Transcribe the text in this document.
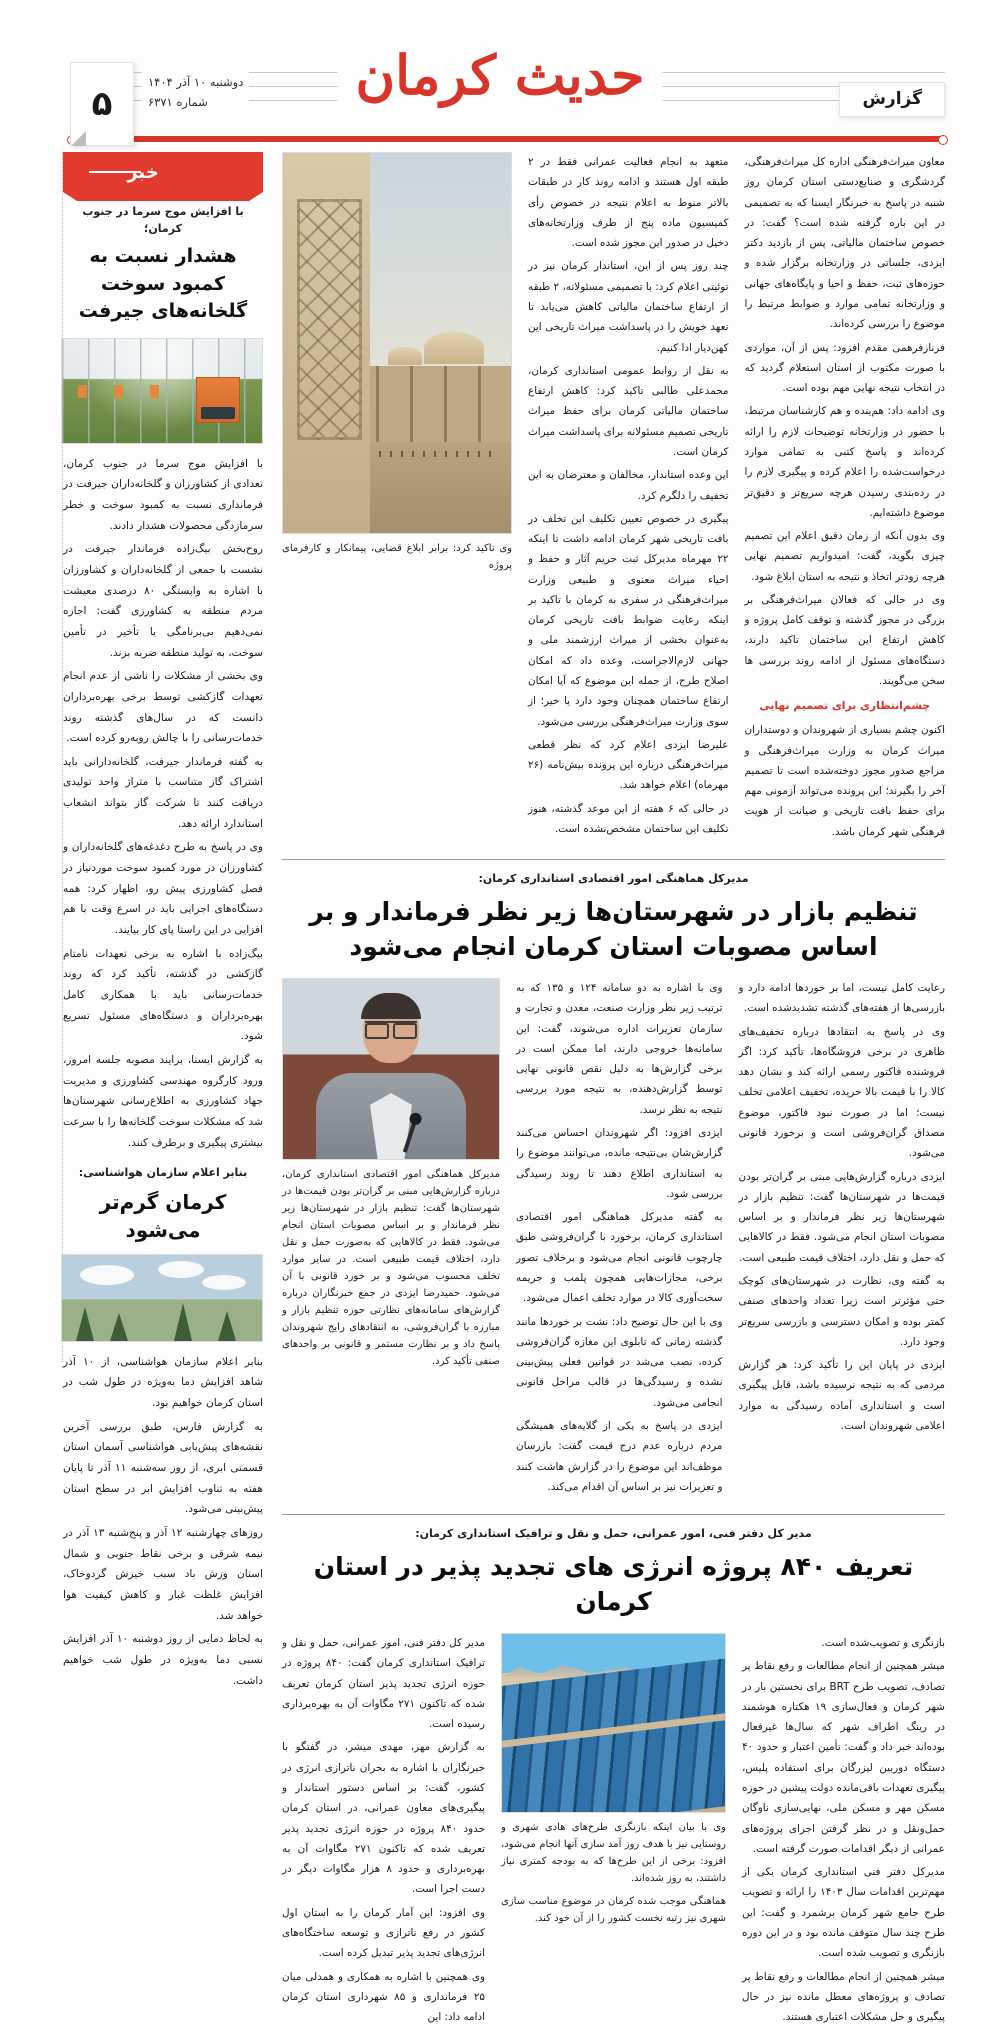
۵
دوشنبه ۱۰ آذر ۱۴۰۴
شماره ۶۳۷۱	حدیث کرمان	گزارش
خبر
با افزایش موج سرما در جنوب کرمان؛
هشدار نسبت به کمبود سوخت گلخانه‌های جیرفت

با افزایش موج سرما در جنوب کرمان، تعدادی از کشاورزان و گلخانه‌داران جیرفت در فرمانداری نسبت به کمبود سوخت و خطر سرمازدگی محصولات هشدار دادند.

روح‌بخش بیگ‌زاده فرماندار جیرفت در نشست با جمعی از گلخانه‌داران و کشاورزان با اشاره به وابستگی ۸۰ درصدی معیشت مردم منطقه به کشاورزی گفت: اجازه نمی‌دهیم بی‌برنامگی یا تأخیر در تأمین سوخت، به تولید منطقه ضربه بزند.

وی بخشی از مشکلات را ناشی از عدم انجام تعهدات گازکشی توسط برخی بهره‌برداران دانست که در سال‌های گذشته روند خدمات‌رسانی را با چالش روبه‌رو کرده است.

به گفته فرماندار جیرفت، گلخانه‌دارانی باید اشتراک گاز متناسب با متراژ واحد تولیدی دریافت کنند تا شرکت گاز بتواند انشعاب استاندارد ارائه دهد.

وی در پاسخ به طرح دغدغه‌های گلخانه‌داران و کشاورزان در مورد کمبود سوخت موردنیاز در فصل کشاورزی پیش رو، اظهار کرد: همه دستگاه‌های اجرایی باید در اسرع وقت با هم افزایی در این راستا پای کار بیایند.

بیگ‌زاده با اشاره به برخی تعهدات نامتام گازکشی در گذشته، تأکید کرد که روند خدمات‌رسانی باید با همکاری کامل بهره‌برداران و دستگاه‌های مسئول تسریع شود.

به گزارش ایسنا، برایند مصوبه جلسه امروز، ورود کارگروه مهندسی کشاورزی و مدیریت جهاد کشاورزی به اطلاع‌رسانی شهرستان‌ها شد که مشکلات سوخت گلخانه‌ها را با سرعت بیشتری پیگیری و برطرف کنند.

بنابر اعلام سازمان هواشناسی:
کرمان گرم‌تر می‌شود

بنابر اعلام سازمان هواشناسی، از ۱۰ آذر شاهد افزایش دما به‌ویژه در طول شب در استان کرمان خواهیم بود.

به گزارش فارس، طبق بررسی آخرین نقشه‌های پیش‌یابی هواشناسی آسمان استان قسمتی ابری، از روز سه‌شنبه ۱۱ آذر تا پایان هفته به تناوب افزایش ابر در سطح استان پیش‌بینی می‌شود.

روزهای چهارشنبه ۱۲ آذر و پنج‌شنبه ۱۳ آذر در نیمه شرقی و برخی نقاط جنوبی و شمال استان وزش باد سبب خیزش گردوخاک، افزایش غلظت غبار و کاهش کیفیت هوا خواهد شد.

به لحاظ دمایی از روز دوشنبه ۱۰ آذر افزایش نسبی دما به‌ویژه در طول شب خواهیم داشت.

معاون میراث‌فرهنگی اداره کل میراث‌فرهنگی، گردشگری و صنایع‌دستی استان کرمان روز شنبه در پاسخ به خبرنگار ایسنا که به تصمیمی در این باره گرفته شده است؟ گفت: در خصوص ساختمان مالیاتی، پس از بازدید دکتر ایزدی، جلساتی در وزارتخانه برگزار شده و حوزه‌های ثبت، حفظ و احیا و پایگاه‌های جهانی و وزارتخانه تمامی موارد و ضوابط مرتبط را موضوع را بررسی کرده‌اند.

فرنازفرهمی مقدم افزود: پس از آن، مواردی با صورت مکتوب از استان استعلام گردید که در انتخاب نتیجه نهایی مهم بوده است.

وی ادامه داد: هم‌ینده و هم کارشناسان مرتبط، با حضور در وزارتخانه توضیحات لازم را ارائه کرده‌اند و پاسخ کتبی به تمامی موارد درخواست‌شده را اعلام کرده و پیگیری لازم را در رده‌بندی رسیدن هرچه سریع‌تر و دقیق‌تر موضوع داشته‌ایم.

وی بدون آنکه از زمان دقیق اعلام این تصمیم چیزی بگوید، گفت: امیدواریم تصمیم نهایی هرچه زودتر اتخاذ و نتیجه به استان ابلاغ شود.

وی در حالی که فعالان میراث‌فرهنگی بر بزرگی در مجوز گذشته و توقف کامل پروژه و کاهش ارتفاع این ساختمان تاکید دارند، دستگاه‌های مسئول از ادامه روند بررسی ها سخن می‌گویند.

چشم‌انتظاری برای تصمیم نهایی

اکنون چشم بسیاری از شهروندان و دوستداران میراث کرمان به وزارت میراث‌فرهنگی و مراجع صدور مجوز دوخته‌شده است تا تصمیم آخر را بگیرند؛ این پرونده می‌تواند آزمونی مهم برای حفظ بافت تاریخی و صیانت از هویت فرهنگی شهر کرمان باشد.

متعهد به انجام فعالیت عمرانی فقط در ۲ طبقه اول هستند و ادامه روند کار در طبقات بالاتر منوط به اعلام نتیجه در خصوص رأی کمیسیون ماده پنج از طرف وزارتخانه‌های دخیل در صدور این مجوز شده است.

چند روز پس از این، استاندار کرمان نیز در توئیتی اعلام کرد: با تصمیمی مسئولانه، ۲ طبقه از ارتفاع ساختمان مالیاتی کاهش می‌یابد تا تعهد خویش را در پاسداشت میراث تاریخی این کهن‌دیار ادا کنیم.

به نقل از روابط عمومی استانداری کرمان، محمدعلی طالبی تاکید کرد: کاهش ارتفاع ساختمان مالیاتی کرمان برای حفظ میراث تاریخی تصمیم مسئولانه برای پاسداشت میراث کرمان است.

این وعده استاندار، مخالفان و معترضان به این تخفیف را دلگرم کرد.

پیگیری در خصوص تعیین تکلیف این تخلف در بافت تاریخی شهر کرمان ادامه داشت تا اینکه ۲۲ مهرماه مدیرکل ثبت حریم آثار و حفظ و احیاء میراث معنوی و طبیعی وزارت میراث‌فرهنگی در سفری به کرمان با تاکید بر اینکه رعایت ضوابط بافت تاریخی کرمان به‌عنوان بخشی از میراث ارزشمند ملی و جهانی لازم‌الاجراست، وعده داد که امکان اصلاح طرح، از جمله این موضوع که آیا امکان ارتفاع ساختمان همچنان وجود دارد یا خیر؛ از سوی وزارت میراث‌فرهنگی بررسی می‌شود.

علیرضا ایزدی اعلام کرد که نظر قطعی میراث‌فرهنگی درباره این پرونده بیش‌نامه (۲۶ مهرماه) اعلام خواهد شد.

در حالی که ۶ هفته از این موعد گذشته، هنوز تکلیف این ساختمان مشخص‌نشده است.

وی تاکید کرد: برابر ابلاغ قضایی، پیمانکار و کارفرمای پروژه
مدیرکل هماهنگی امور اقتصادی استانداری کرمان:
تنظیم بازار در شهرستان‌ها زیر نظر فرماندار و بر اساس مصوبات استان کرمان انجام می‌شود

رعایت کامل نیست، اما بر خوردها ادامه دارد و بازرسی‌ها از هفته‌های گذشته تشدیدشده است.

وی در پاسخ به انتقادها درباره تخفیف‌های ظاهری در برخی فروشگاه‌ها، تأکید کرد: اگر فروشنده فاکتور رسمی ارائه کند و نشان دهد کالا را با قیمت بالا خریده، تخفیف اعلامی تخلف نیست؛ اما در صورت نبود فاکتور، موضوع مصداق گران‌فروشی است و برخورد قانونی می‌شود.

ایزدی درباره گزارش‌هایی مبنی بر گران‌تر بودن قیمت‌ها در شهرستان‌ها گفت: تنظیم بازار در شهرستان‌ها زیر نظر فرماندار و بر اساس مصوبات استان انجام می‌شود. فقط در کالاهایی که حمل و نقل دارد، اختلاف قیمت طبیعی است.

به گفته وی، نظارت در شهرستان‌های کوچک حتی مؤثرتر است زیرا تعداد واحدهای صنفی کمتر بوده و امکان دسترسی و بازرسی سریع‌تر وجود دارد.

ایزدی در پایان این را تأکید کرد: هر گزارش مردمی که به نتیجه نرسیده باشد، قابل پیگیری است و استانداری آماده رسیدگی به موارد اعلامی شهروندان است.

وی با اشاره به دو سامانه ۱۲۴ و ۱۳۵ که به ترتیب زیر نظر وزارت صنعت، معدن و تجارت و سازمان تعزیرات اداره می‌شوند، گفت: این سامانه‌ها خروجی دارند، اما ممکن است در برخی گزارش‌ها به دلیل نقص قانونی نهایی توسط گزارش‌دهنده، به نتیجه مورد بررسی نتیجه به نظر نرسد.

ایزدی افزود: اگر شهروندان احساس می‌کنند گزارش‌شان بی‌نتیجه مانده، می‌توانند موضوع را به استانداری اطلاع دهند تا روند رسیدگی بررسی شود.

به گفته مدیرکل هماهنگی امور اقتصادی استانداری کرمان، برخورد با گران‌فروشی طبق چارچوب قانونی انجام می‌شود و برخلاف تصور برخی، مجازات‌هایی همچون پلمب و جریمه سخت‌آوری کالا در موارد تخلف اعمال می‌شود.

وی با این حال توضیح داد: نشت بر خوردها مانند گذشته زمانی که تابلوی این مغازه گران‌فروشی کرده، نصب می‌شد در قوانین فعلی پیش‌بینی نشده و رسیدگی‌ها در قالب مراحل قانونی انجامی می‌شود.

ایزدی در پاسخ به یکی از گلایه‌های همیشگی مردم درباره عدم درج قیمت گفت: بازرسان موظف‌اند این موضوع را در گزارش هاشت کنند و تعزیرات نیز بر اساس آن اقدام می‌کند.

مدیرکل هماهنگی امور اقتصادی استانداری کرمان، درباره گزارش‌هایی مبنی بر گران‌تر بودن قیمت‌ها در شهرستان‌ها گفت: تنظیم بازار در شهرستان‌ها زیر نظر فرماندار و بر اساس مصوبات استان انجام می‌شود. فقط در کالاهایی که به‌صورت حمل و نقل دارد، اختلاف قیمت طبیعی است. در سایر موارد تخلف محسوب می‌شود و بر خورد قانونی با آن می‌شود. حمیدرضا ایزدی در جمع خبرنگاران درباره گزارش‌های سامانه‌های نظارتی حوزه تنظیم بازار و مبارزه با گران‌فروشی، به انتقادهای رایج شهروندان پاسخ داد و بر نظارت مستمر و قانونی بر واحدهای صنفی تأکید کرد.
مدیر کل دفتر فنی، امور عمرانی، حمل و نقل و ترافیک استانداری کرمان:
تعریف ۸۴۰ پروژه انرژی های تجدید پذیر در استان کرمان

بازنگری و تصویب‌شده است.

میشر همچنین از انجام مطالعات و رفع نقاط پر تصادف، تصویب طرح BRT برای نخستین بار در شهر کرمان و فعال‌سازی ۱۹ هکتاره هوشمند در رینگ اطراف شهر که سال‌ها غیرفعال بوده‌اند خبر داد و گفت: تأمین اعتبار و حدود ۴۰ دستگاه دوربین لیزرگان برای استفاده پلیس، پیگیری تعهدات باقی‌مانده دولت پیشین در حوزه مسکن مهر و مسکن ملی، نهایی‌سازی ناوگان حمل‌ونقل و در نظر گرفتن اجرای پروژه‌های عمرانی از دیگر اقدامات صورت گرفته است.

مدیرکل دفتر فنی استانداری کرمان یکی از مهم‌ترین اقدامات سال ۱۴۰۳ را ارائه و تصویب طرح جامع شهر کرمان برشمرد و گفت: این طرح چند سال متوقف مانده بود و در این دوره بازنگری و تصویب شده است.

میشر همچنین از انجام مطالعات و رفع نقاط پر تصادف و پروژه‌های معطل مانده نیز در حال پیگیری و حل مشکلات اعتباری هستند.

وی با بیان اینکه بازنگری طرح‌های هادی شهری و روستایی نیز با هدف روز آمد سازی آنها انجام می‌شود، افزود: برخی از این طرح‌ها که به بودجه کمتری نیاز داشتند، به روز شده‌اند.
هماهنگی موجب شده کرمان در موضوع مناسب سازی شهری نیز رتبه نخست کشور را از آن خود کند.

مدیر کل دفتر فنی، امور عمرانی، حمل و نقل و ترافیک استانداری کرمان گفت: ۸۴۰ پروژه در حوزه انرژی تجدید پذیر استان کرمان تعریف شده که تاکنون ۲۷۱ مگاوات آن به بهره‌برداری رسیده است.

به گزارش مهر، مهدی میشر، در گفتگو با خبرنگاران با اشاره به بحران ناترازی انرژی در کشور، گفت: بر اساس دستور استاندار و پیگیری‌های معاون عمرانی، در استان کرمان حدود ۸۴۰ پروژه در حوزه انرژی تجدید پذیر تعریف شده که تاکنون ۲۷۱ مگاوات آن به بهره‌برداری و حدود ۸ هزار مگاوات دیگر در دست اجرا است.

وی افزود: این آمار کرمان را به استان اول کشور در رفع ناترازی و توسعه ساختگاه‌های انرژی‌های تجدید پذیر تبدیل کرده است.

وی همچنین با اشاره به همکاری و همدلی میان ۲۵ فرمانداری و ۸۵ شهرداری استان کرمان ادامه داد: این
